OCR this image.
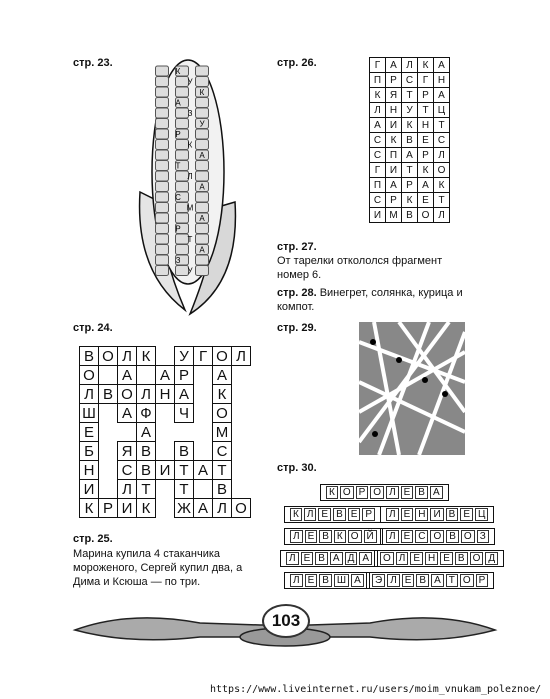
стр. 23.	стр. 26.
стр. 24.	стр. 29.
стр. 25.
стр. 30.
К
У
К
А
З
У
Р
К
А
Т
Л
А
С
М
А
Р
Т
А
З
У
Г	А	Л	К	А
П	Р	С	Г	Н
К	Я	Т	Р	А
Л	Н	У	Т	Ц
А	И	К	Н	Т
С	К	В	Е	С
С	П	А	Р	Л
Г	И	Т	К	О
П	А	Р	А	К
С	Р	К	Е	Т
И	М	В	О	Л
стр. 27.
От тарелки откололся фрагмент номер 6.
стр. 28. Винегрет, солянка, курица и компот.
В	О	Л	К		У	Г	О	Л
О		А		А	Р		А	
Л	В	О	Л	Н	А		К	
Ш		А	Ф		Ч		О	
Е			А				М	
Б		Я	В		В		С	
Н		С	В	И	Т	А	Т	
И		Л	Т		Т		В	
К	Р	И	К		Ж	А	Л	О
Марина купила 4 стаканчика мороженого, Сергей купил два, а Дима и Ксюша — по три.
К О Р О Л Е В А
К Л Е В Е Р	Л Е Н И В Е Ц
Л Е В К О Й	Л Е С О В О З
Л Е В А Д А	О Л Е Н Е В О Д
Л Е В Ш А	Э Л Е В А Т О Р
103
https://www.liveinternet.ru/users/moim_vnukam_poleznoe/
